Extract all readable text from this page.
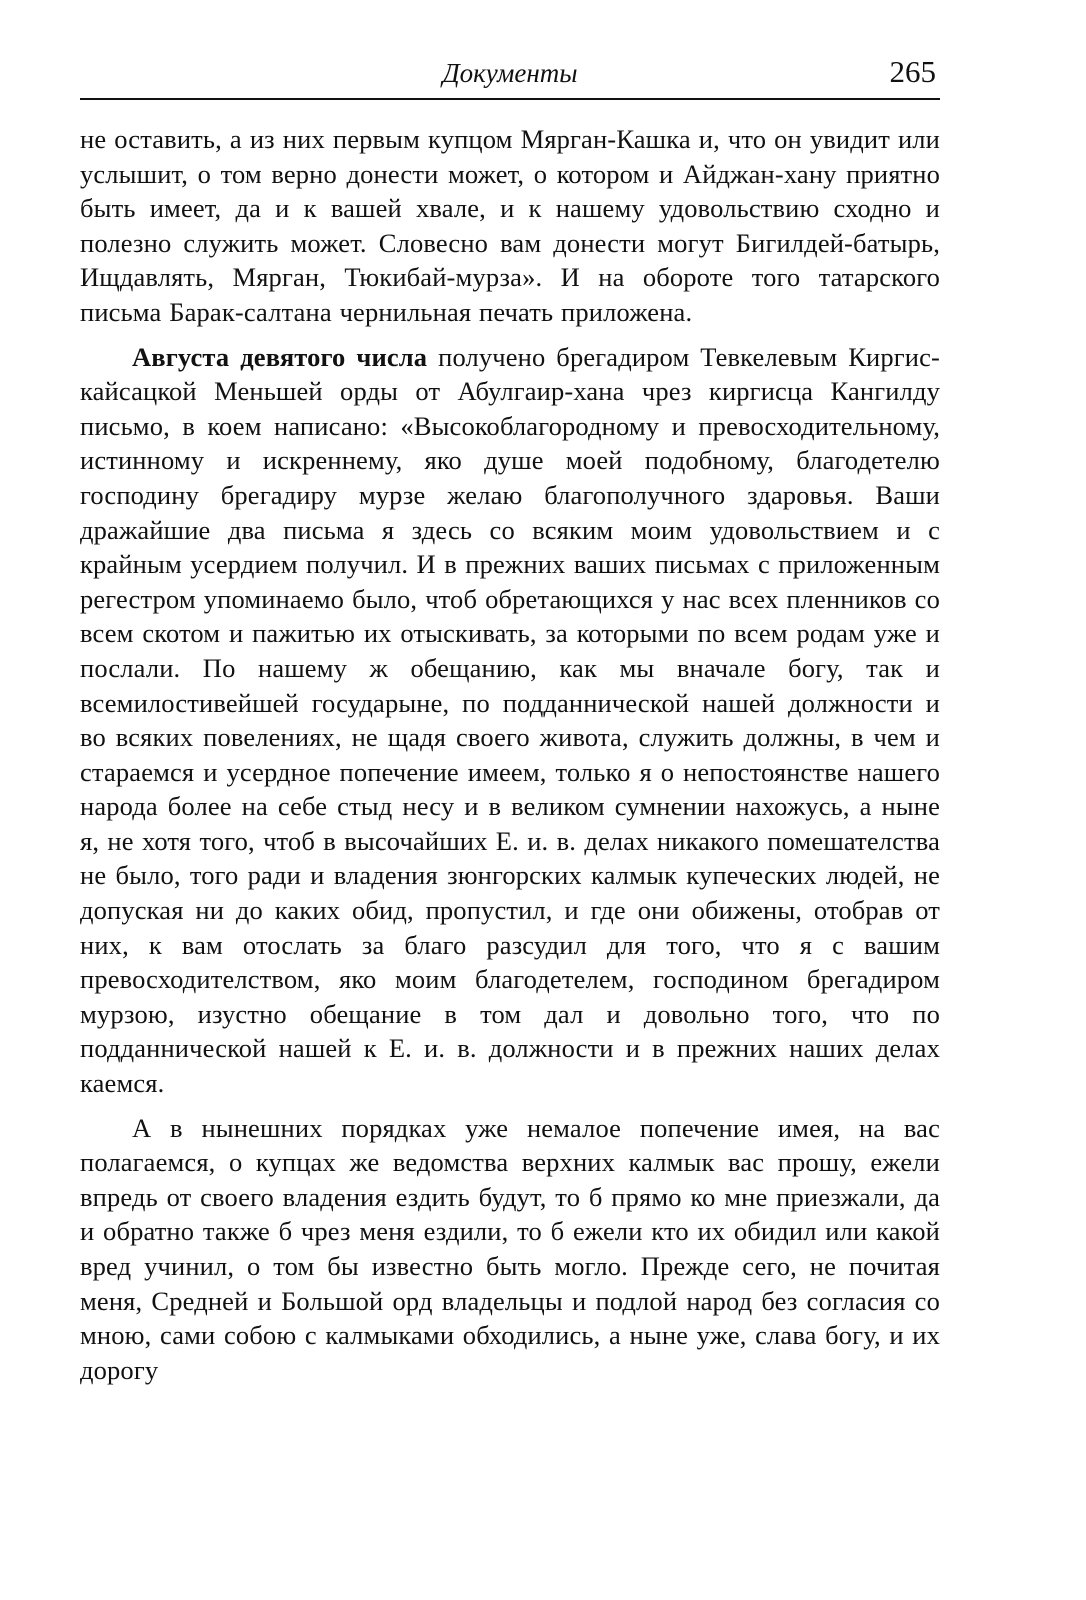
Документы	265

не оставить, а из них первым купцом Мярган-Кашка и, что он увидит или услышит, о том верно донести может, о котором и Айджан-хану приятно быть имеет, да и к вашей хвале, и к нашему удовольствию сходно и полезно служить может. Словесно вам донести могут Бигилдей-батырь, Ищдавлять, Мярган, Тюкибай-мурза». И на обороте того татарского письма Барак-салтана чернильная печать приложена.

Августа девятого числа получено брегадиром Тевкелевым Киргис-кайсацкой Меньшей орды от Абулгаир-хана чрез киргисца Кангилду письмо, в коем написано: «Высокоблагородному и превосходительному, истинному и искреннему, яко душе моей подобному, благодетелю господину брегадиру мурзе желаю благополучного здаровья. Ваши дражайшие два письма я здесь со всяким моим удовольствием и с крайным усердием получил. И в прежних ваших письмах с приложенным регестром упоминаемо было, чтоб обретающихся у нас всех пленников со всем скотом и пажитью их отыскивать, за которыми по всем родам уже и послали. По нашему ж обещанию, как мы вначале богу, так и всемилостивейшей государыне, по подданнической нашей должности и во всяких повелениях, не щадя своего живота, служить должны, в чем и стараемся и усердное попечение имеем, только я о непостоянстве нашего народа более на себе стыд несу и в великом сумнении нахожусь, а ныне я, не хотя того, чтоб в высочайших Е. и. в. делах никакого помешателства не было, того ради и владения зюнгорских калмык купеческих людей, не допуская ни до каких обид, пропустил, и где они обижены, отобрав от них, к вам отослать за благо разсудил для того, что я с вашим превосходителством, яко моим благодетелем, господином брегадиром мурзою, изустно обещание в том дал и довольно того, что по подданнической нашей к Е. и. в. должности и в прежних наших делах каемся.

А в нынешних порядках уже немалое попечение имея, на вас полагаемся, о купцах же ведомства верхних калмык вас прошу, ежели впредь от своего владения ездить будут, то б прямо ко мне приезжали, да и обратно также б чрез меня ездили, то б ежели кто их обидил или какой вред учинил, о том бы известно быть могло. Прежде сего, не почитая меня, Средней и Большой орд владельцы и подлой народ без согласия со мною, сами собою с калмыками обходились, а ныне уже, слава богу, и их дорогу
